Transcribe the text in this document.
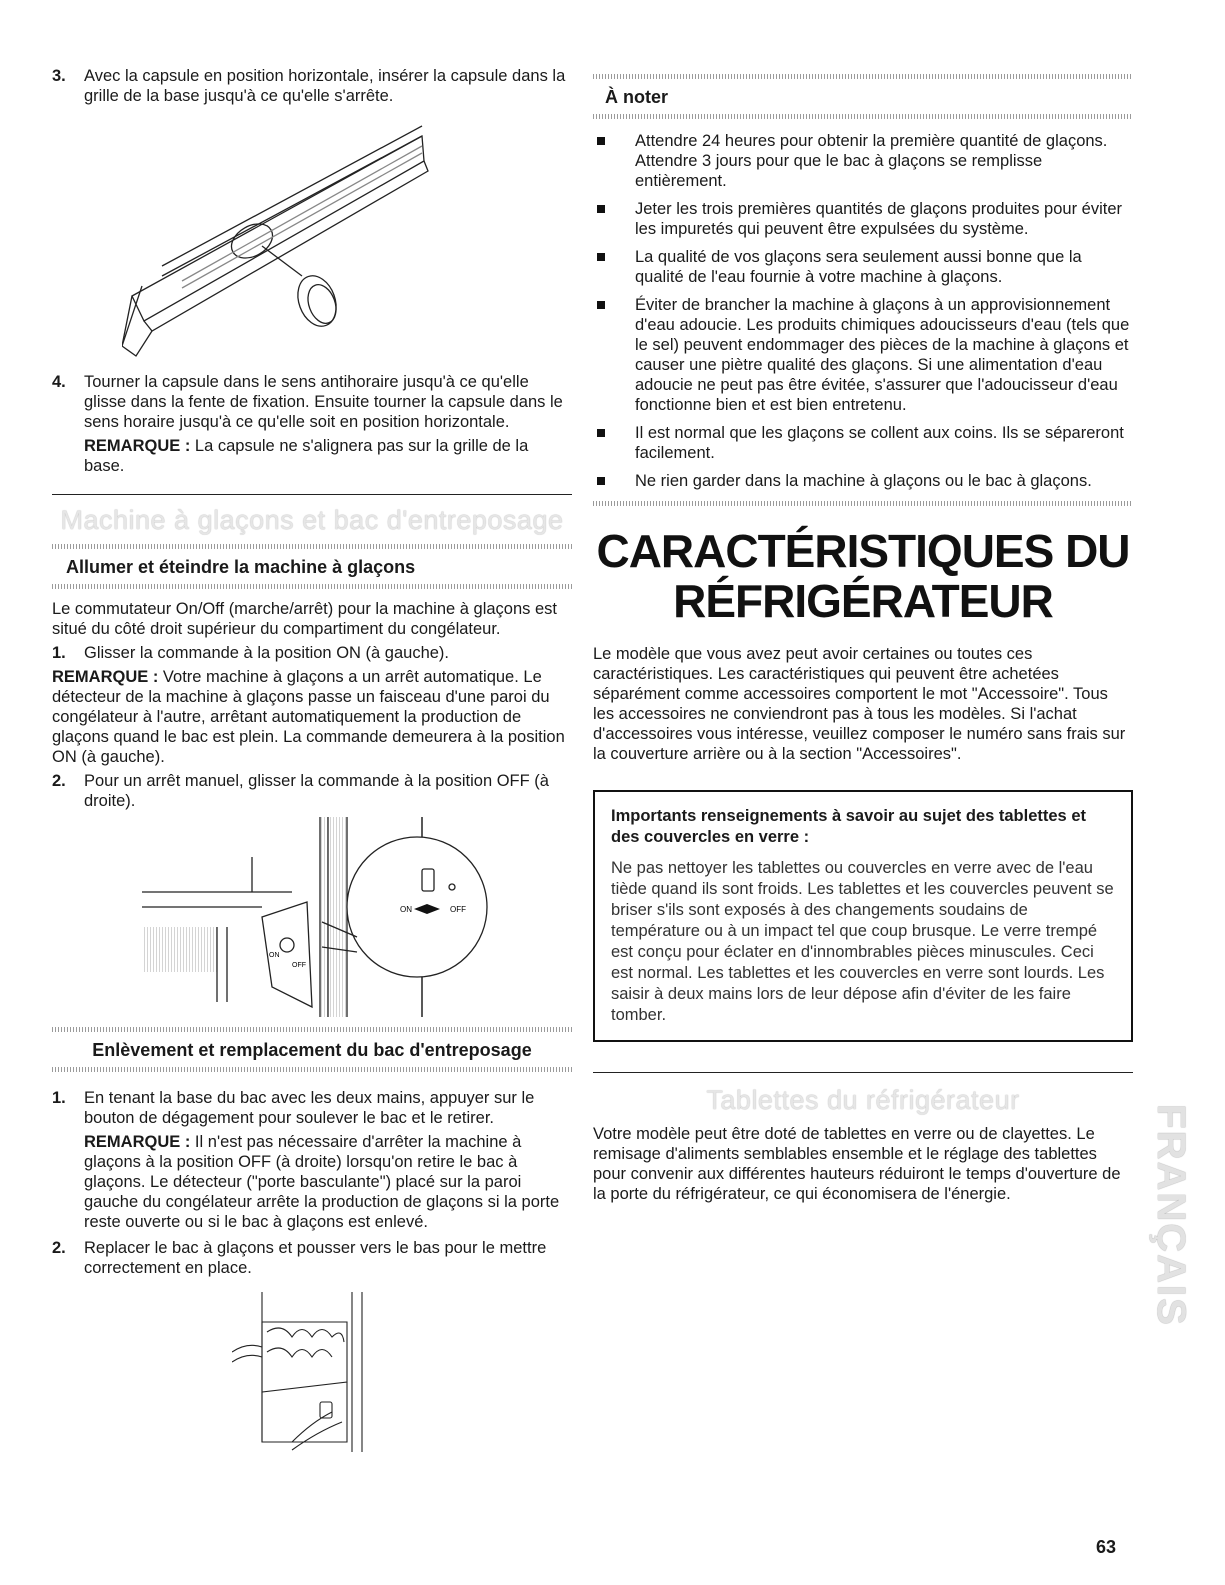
3. Avec la capsule en position horizontale, insérer la capsule dans la grille de la base jusqu'à ce qu'elle s'arrête.
4. Tourner la capsule dans le sens antihoraire jusqu'à ce qu'elle glisse dans la fente de fixation. Ensuite tourner la capsule dans le sens horaire jusqu'à ce qu'elle soit en position horizontale.

REMARQUE : La capsule ne s'alignera pas sur la grille de la base.

Machine à glaçons et bac d'entreposage
Allumer et éteindre la machine à glaçons

Le commutateur On/Off (marche/arrêt) pour la machine à glaçons est situé du côté droit supérieur du compartiment du congélateur.

1. Glisser la commande à la position ON (à gauche).

REMARQUE : Votre machine à glaçons a un arrêt automatique. Le détecteur de la machine à glaçons passe un faisceau d'une paroi du congélateur à l'autre, arrêtant automatiquement la production de glaçons quand le bac est plein. La commande demeurera à la position ON (à gauche).

2. Pour un arrêt manuel, glisser la commande à la position OFF (à droite).
ON	OFF
ON
OFF
Enlèvement et remplacement du bac d'entreposage
1. En tenant la base du bac avec les deux mains, appuyer sur le bouton de dégagement pour soulever le bac et le retirer.

REMARQUE : Il n'est pas nécessaire d'arrêter la machine à glaçons à la position OFF (à droite) lorsqu'on retire le bac à glaçons. Le détecteur ("porte basculante") placé sur la paroi gauche du congélateur arrête la production de glaçons si la porte reste ouverte ou si le bac à glaçons est enlevé.

2. Replacer le bac à glaçons et pousser vers le bas pour le mettre correctement en place.
À noter
Attendre 24 heures pour obtenir la première quantité de glaçons. Attendre 3 jours pour que le bac à glaçons se remplisse entièrement.
Jeter les trois premières quantités de glaçons produites pour éviter les impuretés qui peuvent être expulsées du système.
La qualité de vos glaçons sera seulement aussi bonne que la qualité de l'eau fournie à votre machine à glaçons.
Éviter de brancher la machine à glaçons à un approvisionnement d'eau adoucie. Les produits chimiques adoucisseurs d'eau (tels que le sel) peuvent endommager des pièces de la machine à glaçons et causer une piètre qualité des glaçons. Si une alimentation d'eau adoucie ne peut pas être évitée, s'assurer que l'adoucisseur d'eau fonctionne bien et est bien entretenu.
Il est normal que les glaçons se collent aux coins. Ils se sépareront facilement.
Ne rien garder dans la machine à glaçons ou le bac à glaçons.
CARACTÉRISTIQUES DU
RÉFRIGÉRATEUR

Le modèle que vous avez peut avoir certaines ou toutes ces caractéristiques. Les caractéristiques qui peuvent être achetées séparément comme accessoires comportent le mot "Accessoire". Tous les accessoires ne conviendront pas à tous les modèles. Si l'achat d'accessoires vous intéresse, veuillez composer le numéro sans frais sur la couverture arrière ou à la section "Accessoires".

Importants renseignements à savoir au sujet des tablettes et des couvercles en verre :
Ne pas nettoyer les tablettes ou couvercles en verre avec de l'eau tiède quand ils sont froids. Les tablettes et les couvercles peuvent se briser s'ils sont exposés à des changements soudains de température ou à un impact tel que coup brusque. Le verre trempé est conçu pour éclater en d'innombrables pièces minuscules. Ceci est normal. Les tablettes et les couvercles en verre sont lourds. Les saisir à deux mains lors de leur dépose afin d'éviter de les faire tomber.
Tablettes du réfrigérateur

Votre modèle peut être doté de tablettes en verre ou de clayettes. Le remisage d'aliments semblables ensemble et le réglage des tablettes pour convenir aux différentes hauteurs réduiront le temps d'ouverture de la porte du réfrigérateur, ce qui économisera de l'énergie.	FRANÇAIS
63
